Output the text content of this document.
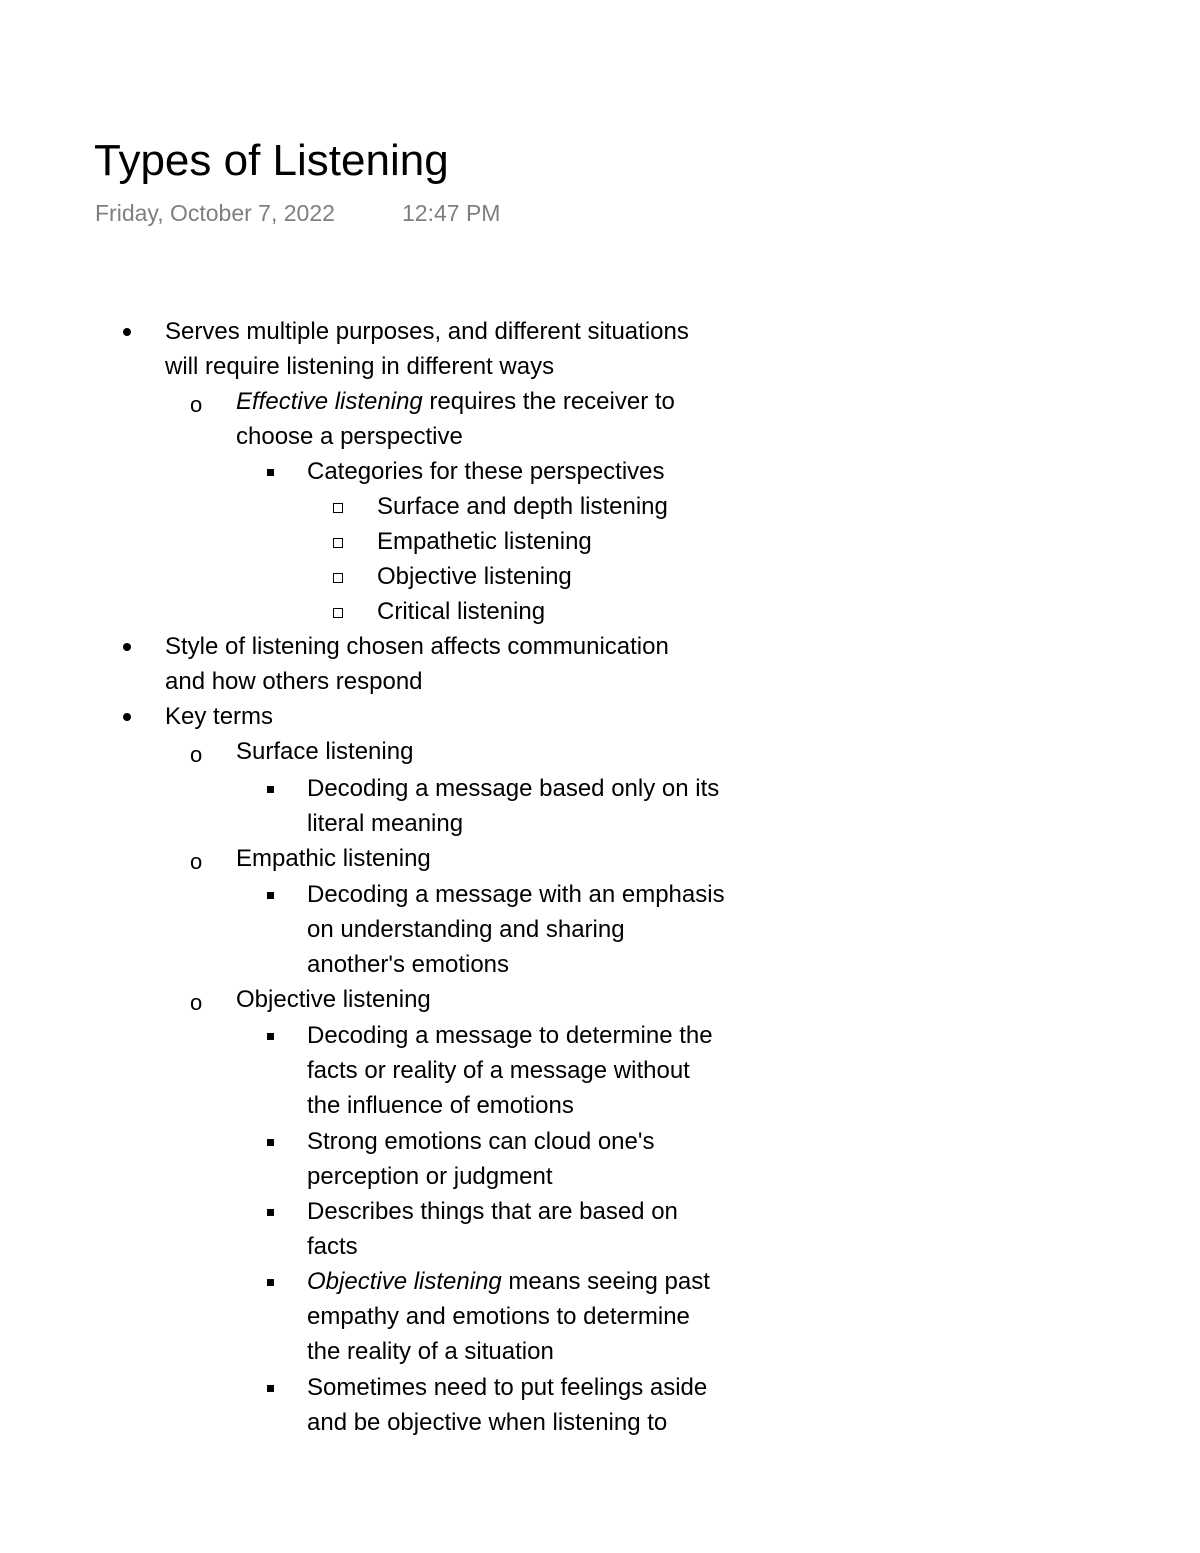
Types of Listening
Friday, October 7, 2022	12:47 PM
Serves multiple purposes, and different situations
will require listening in different ways
o Effective listening requires the receiver to
choose a perspective
Categories for these perspectives
Surface and depth listening
Empathetic listening
Objective listening
Critical listening
Style of listening chosen affects communication
and how others respond
Key terms
o Surface listening
Decoding a message based only on its
literal meaning
o Empathic listening
Decoding a message with an emphasis
on understanding and sharing
another's emotions
o Objective listening
Decoding a message to determine the
facts or reality of a message without
the influence of emotions
Strong emotions can cloud one's
perception or judgment
Describes things that are based on
facts
Objective listening means seeing past
empathy and emotions to determine
the reality of a situation
Sometimes need to put feelings aside
and be objective when listening to
